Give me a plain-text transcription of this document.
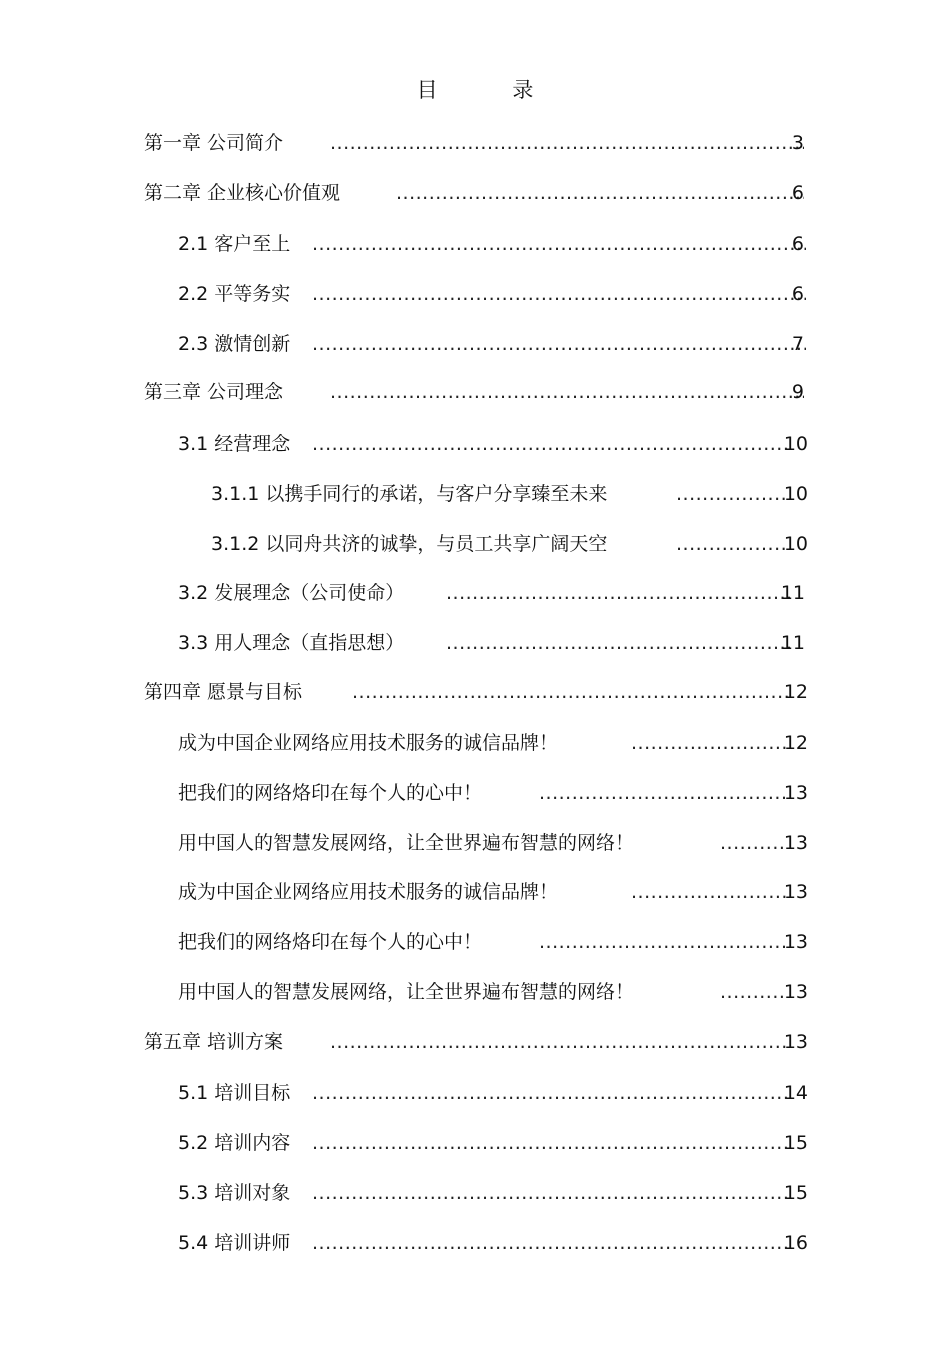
目 录
第一章 公司简介 .....	3
第二章 企业核心价值观 .....	6
2.1 客户至上 .....	6
2.2 平等务实 .....	6
2.3 激情创新 .....	7
第三章 公司理念 .....	9
3.1 经营理念 .....	10
3.1.1 以携手同行的承诺，与客户分享臻至未来 .....	10
3.1.2 以同舟共济的诚挚，与员工共享广阔天空 .....	10
3.2 发展理念（公司使命） .....	11
3.3 用人理念（直指思想） .....	11
第四章 愿景与目标 .....	12
成为中国企业网络应用技术服务的诚信品牌！ .....	12
把我们的网络烙印在每个人的心中！ .....	13
用中国人的智慧发展网络，让全世界遍布智慧的网络！ .....	13
成为中国企业网络应用技术服务的诚信品牌！ .....	13
把我们的网络烙印在每个人的心中！ .....	13
用中国人的智慧发展网络，让全世界遍布智慧的网络！ .....	13
第五章 培训方案 .....	13
5.1 培训目标 .....	14
5.2 培训内容 .....	15
5.3 培训对象 .....	15
5.4 培训讲师 .....	16
